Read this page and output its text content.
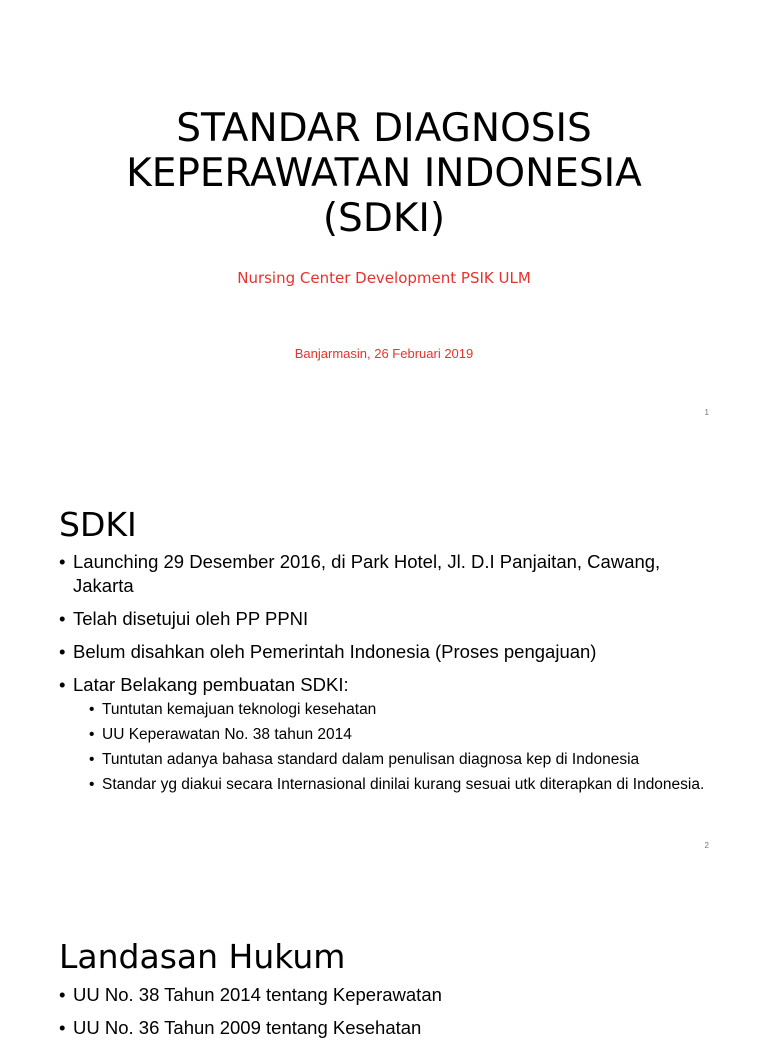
STANDAR DIAGNOSIS
KEPERAWATAN INDONESIA
(SDKI)
Nursing Center Development PSIK ULM
Banjarmasin, 26 Februari 2019
1
SDKI
• Launching 29 Desember 2016, di Park Hotel, Jl. D.I Panjaitan, Cawang, Jakarta
• Telah disetujui oleh PP PPNI
• Belum disahkan oleh Pemerintah Indonesia (Proses pengajuan)
• Latar Belakang pembuatan SDKI:
• Tuntutan kemajuan teknologi kesehatan
• UU Keperawatan No. 38 tahun 2014
• Tuntutan adanya bahasa standard dalam penulisan diagnosa kep di Indonesia
• Standar yg diakui secara Internasional dinilai kurang sesuai utk diterapkan di Indonesia.
2
Landasan Hukum
• UU No. 38 Tahun 2014 tentang Keperawatan
• UU No. 36 Tahun 2009 tentang Kesehatan
